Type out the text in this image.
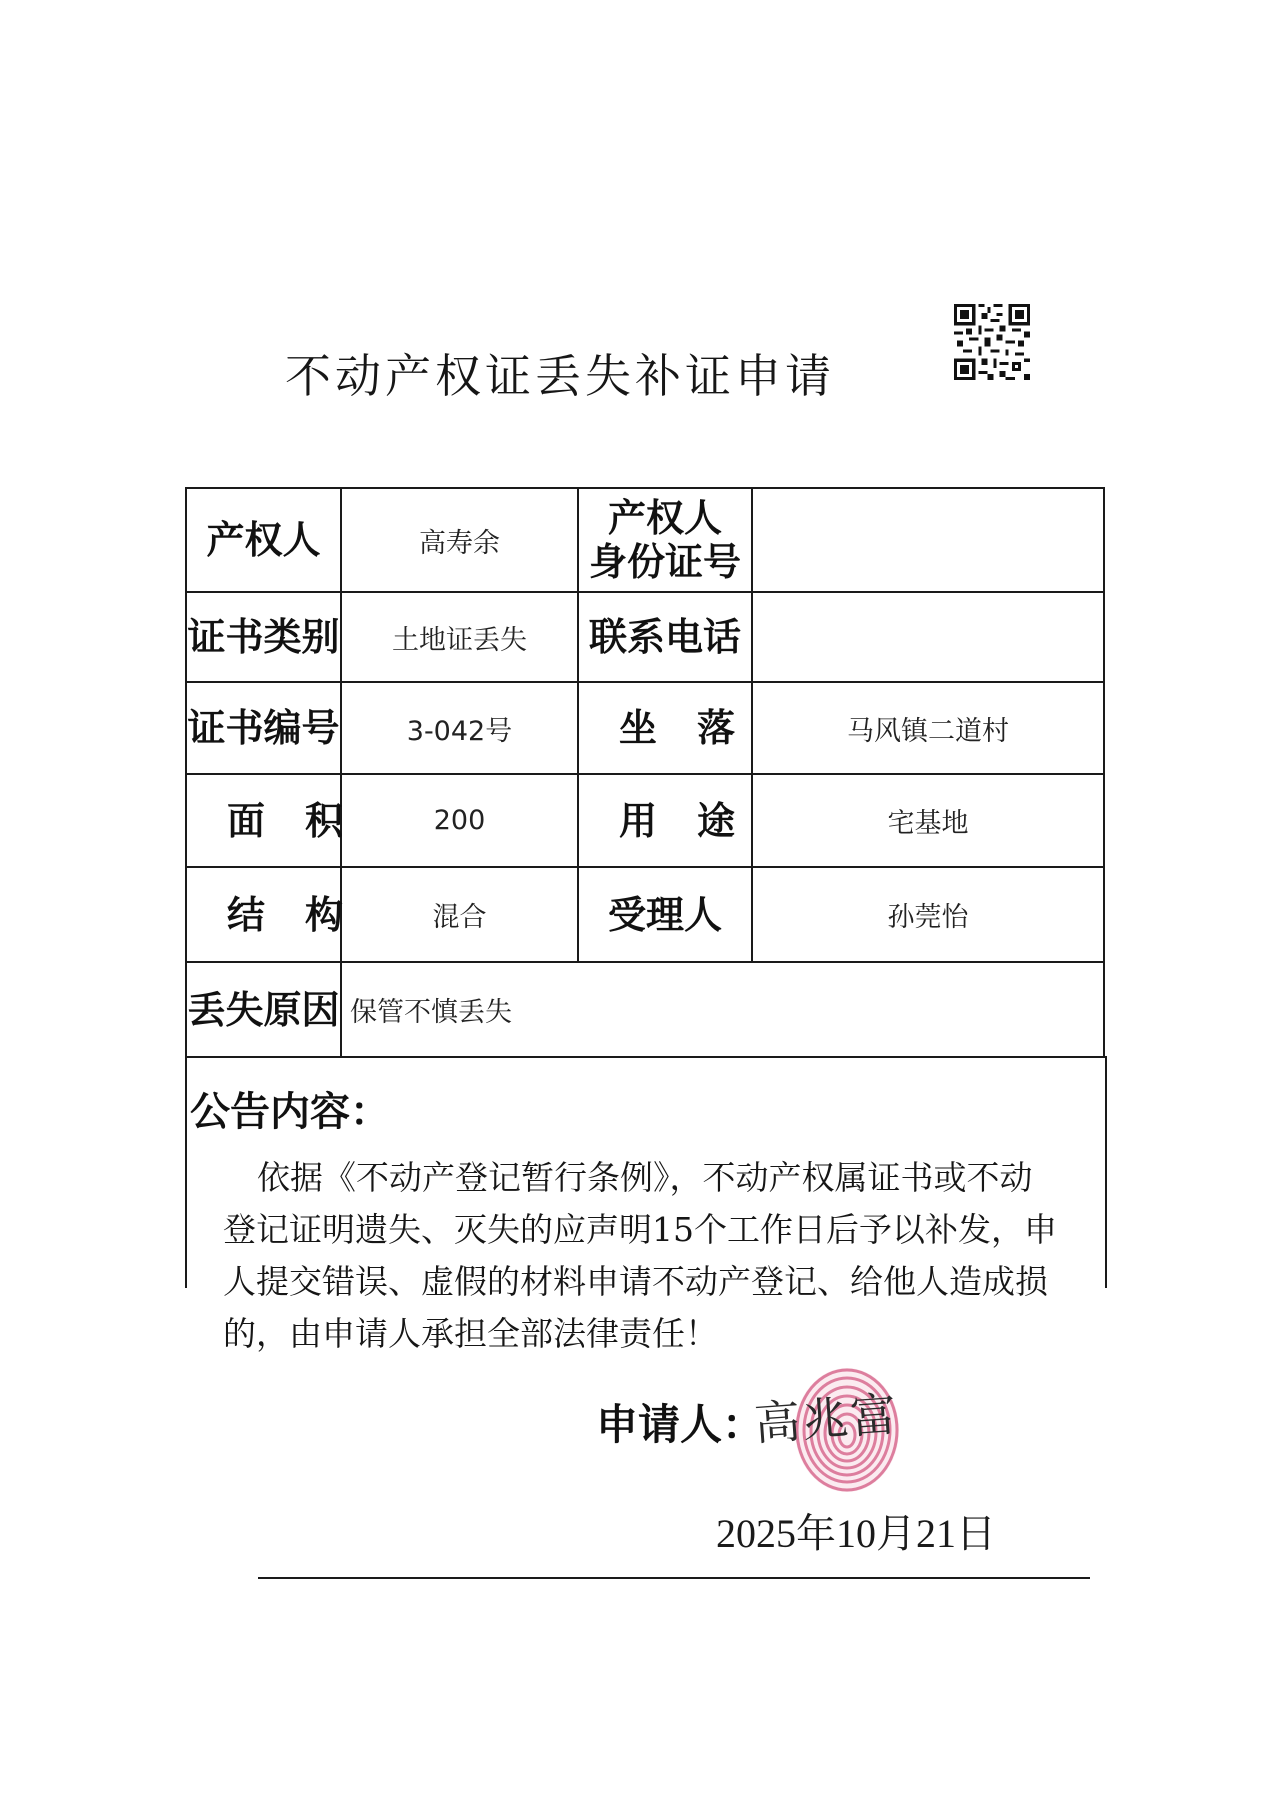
不动产权证丢失补证申请
产权人	高寿余	产权人
身份证号	

证书类别	土地证丢失	联系电话	
证书编号	3-042号	坐落	马风镇二道村
面积	200	用途	宅基地
结构	混合	受理人	孙莞怡
丢失原因	保管不慎丢失		
公告内容：
依据《不动产登记暂行条例》，不动产权属证书或不动
登记证明遗失、灭失的应声明15个工作日后予以补发，申
人提交错误、虚假的材料申请不动产登记、给他人造成损
的，由申请人承担全部法律责任！
申请人：
高兆富
2025年10月21日
